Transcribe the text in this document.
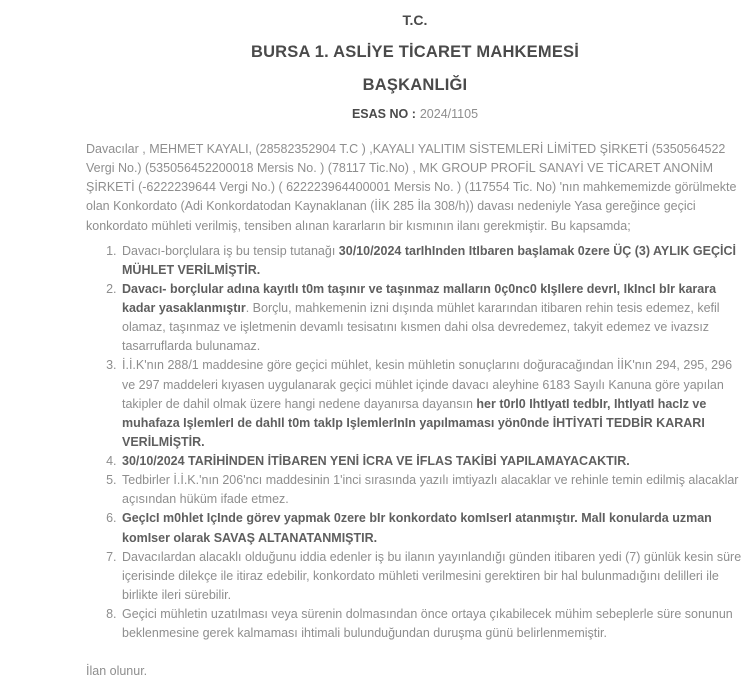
T.C.
BURSA 1. ASLİYE TİCARET MAHKEMESİ
BAŞKANLIĞI
ESAS NO : 2024/1105

Davacılar , MEHMET KAYALI, (28582352904 T.C ) ,KAYALI YALITIM SİSTEMLERİ LİMİTED ŞİRKETİ (5350564522 Vergi No.) (535056452200018 Mersis No. ) (78117 Tic.No) , MK GROUP PROFİL SANAYİ VE TİCARET ANONİM ŞİRKETİ (-6222239644 Vergi No.) ( 622223964400001 Mersis No. ) (117554 Tic. No) 'nın mahkememizde görülmekte olan Konkordato (Adi Konkordatodan Kaynaklanan (İİK 285 İla 308/h)) davası nedeniyle Yasa gereğince geçici konkordato mühleti verilmiş, tensiben alınan kararların bir kısmının ilanı gerekmiştir. Bu kapsamda;

1. Davacı-borçlulara iş bu tensip tutanağı 30/10/2024 tarIhInden ItIbaren başlamak 0zere ÜÇ (3) AYLIK GEÇİCİ MÜHLET VERİLMİŞTİR.
2. Davacı- borçlular adına kayıtlı t0m taşınır ve taşınmaz malların 0ç0nc0 kIşIlere devrI, IkIncI bIr karara kadar yasaklanmıştır. Borçlu, mahkemenin izni dışında mühlet kararından itibaren rehin tesis edemez, kefil olamaz, taşınmaz ve işletmenin devamlı tesisatını kısmen dahi olsa devredemez, takyit edemez ve ivazsız tasarruflarda bulunamaz.
3. İ.İ.K'nın 288/1 maddesine göre geçici mühlet, kesin mühletin sonuçlarını doğuracağından İİK'nın 294, 295, 296 ve 297 maddeleri kıyasen uygulanarak geçici mühlet içinde davacı aleyhine 6183 Sayılı Kanuna göre yapılan takipler de dahil olmak üzere hangi nedene dayanırsa dayansın her t0rl0 IhtIyatI tedbIr, IhtIyatI hacIz ve muhafaza IşlemlerI de dahIl t0m takIp IşlemlerInIn yapılmaması yön0nde İHTİYATİ TEDBİR KARARI VERİLMİŞTİR.
4. 30/10/2024 TARİHİNDEN İTİBAREN YENİ İCRA VE İFLAS TAKİBİ YAPILAMAYACAKTIR.
5. Tedbirler İ.İ.K.'nın 206'ncı maddesinin 1'inci sırasında yazılı imtiyazlı alacaklar ve rehinle temin edilmiş alacaklar açısından hüküm ifade etmez.
6. GeçIcI m0hlet IçInde görev yapmak 0zere bIr konkordato komIserI atanmıştır. MalI konularda uzman komIser olarak SAVAŞ ALTANATANMIŞTIR.
7. Davacılardan alacaklı olduğunu iddia edenler iş bu ilanın yayınlandığı günden itibaren yedi (7) günlük kesin süre içerisinde dilekçe ile itiraz edebilir, konkordato mühleti verilmesini gerektiren bir hal bulunmadığını delilleri ile birlikte ileri sürebilir.
8. Geçici mühletin uzatılması veya sürenin dolmasından önce ortaya çıkabilecek mühim sebeplerle süre sonunun beklenmesine gerek kalmaması ihtimali bulunduğundan duruşma günü belirlenmemiştir.

İlan olunur.
